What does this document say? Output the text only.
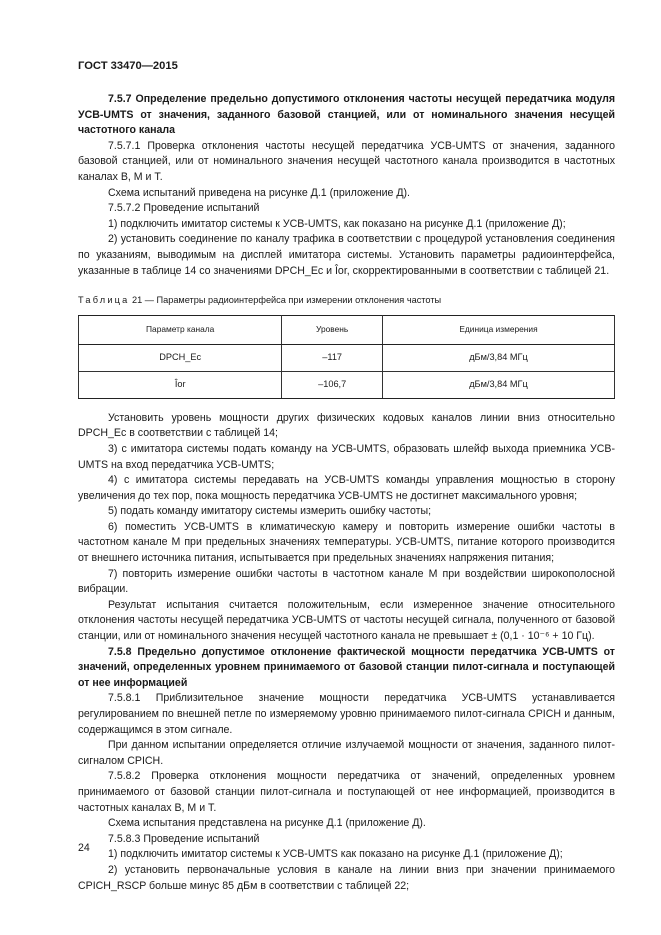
ГОСТ 33470—2015

7.5.7 Определение предельно допустимого отклонения частоты несущей передатчика модуля УСВ-UMTS от значения, заданного базовой станцией, или от номинального значения несущей частотного канала

7.5.7.1 Проверка отклонения частоты несущей передатчика УСВ-UMTS от значения, заданного базовой станцией, или от номинального значения несущей частотного канала производится в частотных каналах B, M и T.

Схема испытаний приведена на рисунке Д.1 (приложение Д).

7.5.7.2 Проведение испытаний

1) подключить имитатор системы к УСВ-UMTS, как показано на рисунке Д.1 (приложение Д);

2) установить соединение по каналу трафика в соответствии с процедурой установления соединения по указаниям, выводимым на дисплей имитатора системы. Установить параметры радиоинтерфейса, указанные в таблице 14 со значениями DPCH_Ec и Îor, скорректированными в соответствии с таблицей 21.

Таблица 21 — Параметры радиоинтерфейса при измерении отклонения частоты
Параметр канала	Уровень	Единица измерения
DPCH_Ec	–117	дБм/3,84 МГц
Îor	–106,7	дБм/3,84 МГц

Установить уровень мощности других физических кодовых каналов линии вниз относительно DPCH_Ec в соответствии с таблицей 14;

3) с имитатора системы подать команду на УСВ-UMTS, образовать шлейф выхода приемника УСВ-UMTS на вход передатчика УСВ-UMTS;

4) с имитатора системы передавать на УСВ-UMTS команды управления мощностью в сторону увеличения до тех пор, пока мощность передатчика УСВ-UMTS не достигнет максимального уровня;

5) подать команду имитатору системы измерить ошибку частоты;

6) поместить УСВ-UMTS в климатическую камеру и повторить измерение ошибки частоты в частотном канале M при предельных значениях температуры. УСВ-UMTS, питание которого производится от внешнего источника питания, испытывается при предельных значениях напряжения питания;

7) повторить измерение ошибки частоты в частотном канале M при воздействии широкополосной вибрации.

Результат испытания считается положительным, если измеренное значение относительного отклонения частоты несущей передатчика УСВ-UMTS от частоты несущей сигнала, полученного от базовой станции, или от номинального значения несущей частотного канала не превышает ± (0,1 · 10⁻⁶ + 10 Гц).

7.5.8 Предельно допустимое отклонение фактической мощности передатчика УСВ-UMTS от значений, определенных уровнем принимаемого от базовой станции пилот-сигнала и поступающей от нее информацией

7.5.8.1 Приблизительное значение мощности передатчика УСВ-UMTS устанавливается регулированием по внешней петле по измеряемому уровню принимаемого пилот-сигнала CPICH и данным, содержащимся в этом сигнале.

При данном испытании определяется отличие излучаемой мощности от значения, заданного пилот-сигналом CPICH.

7.5.8.2 Проверка отклонения мощности передатчика от значений, определенных уровнем принимаемого от базовой станции пилот-сигнала и поступающей от нее информацией, производится в частотных каналах B, M и T.

Схема испытания представлена на рисунке Д.1 (приложение Д).

7.5.8.3 Проведение испытаний

1) подключить имитатор системы к УСВ-UMTS как показано на рисунке Д.1 (приложение Д);

2) установить первоначальные условия в канале на линии вниз при значении принимаемого CPICH_RSCP больше минус 85 дБм в соответствии с таблицей 22;

24
